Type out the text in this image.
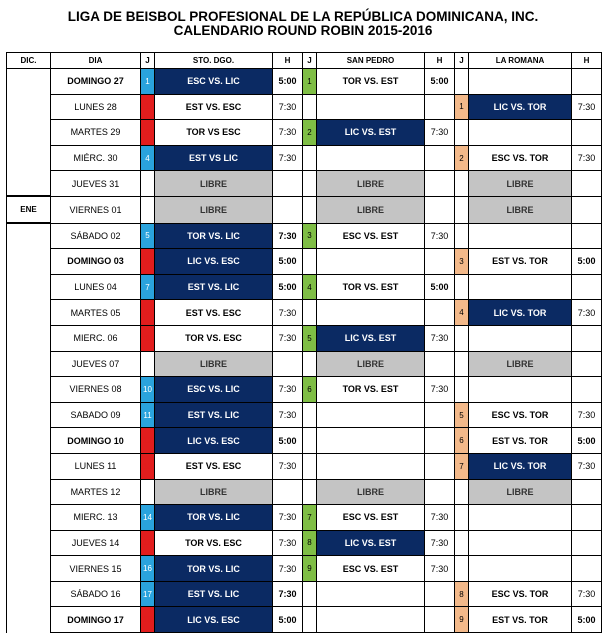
LIGA DE BEISBOL PROFESIONAL DE LA REPÚBLICA DOMINICANA, INC.
CALENDARIO ROUND ROBIN 2015-2016
DIC.	DIA	J	STO. DGO.	H	J	SAN PEDRO	H	J	LA ROMANA	H
	DOMINGO 27	1	ESC VS. LIC	5:00	1	TOR VS. EST	5:00			
	LUNES 28	1	EST VS. ESC	7:30				1	LIC VS. TOR	7:30
	MARTES 29	2	TOR VS ESC	7:30	2	LIC VS. EST	7:30			
	MIÉRC. 30	4	EST VS LIC	7:30				2	ESC VS. TOR	7:30
	JUEVES 31		LIBRE			LIBRE			LIBRE	
ENE	VIERNES 01		LIBRE			LIBRE			LIBRE	
	SÁBADO 02	5	TOR VS. LIC	7:30	3	ESC VS. EST	7:30			
	DOMINGO 03	6	LIC VS. ESC	5:00				3	EST VS. TOR	5:00
	LUNES 04	7	EST VS. LIC	5:00	4	TOR VS. EST	5:00			
	MARTES 05	8	EST VS. ESC	7:30				4	LIC VS. TOR	7:30
	MIERC. 06	9	TOR VS. ESC	7:30	5	LIC VS. EST	7:30			
	JUEVES 07		LIBRE			LIBRE			LIBRE	
	VIERNES 08	10	ESC VS. LIC	7:30	6	TOR VS. EST	7:30			
	SABADO 09	11	EST VS. LIC	7:30				5	ESC VS. TOR	7:30
	DOMINGO 10	12	LIC VS. ESC	5:00				6	EST VS. TOR	5:00
	LUNES 11	13	EST VS. ESC	7:30				7	LIC VS. TOR	7:30
	MARTES 12		LIBRE			LIBRE			LIBRE	
	MIERC. 13	14	TOR VS. LIC	7:30	7	ESC VS. EST	7:30			
	JUEVES 14	15	TOR VS. ESC	7:30	8	LIC VS. EST	7:30			
	VIERNES 15	16	TOR VS. LIC	7:30	9	ESC VS. EST	7:30			
	SÁBADO 16	17	EST VS. LIC	7:30				8	ESC VS. TOR	7:30
	DOMINGO 17	18	LIC VS. ESC	5:00				9	EST VS. TOR	5:00
